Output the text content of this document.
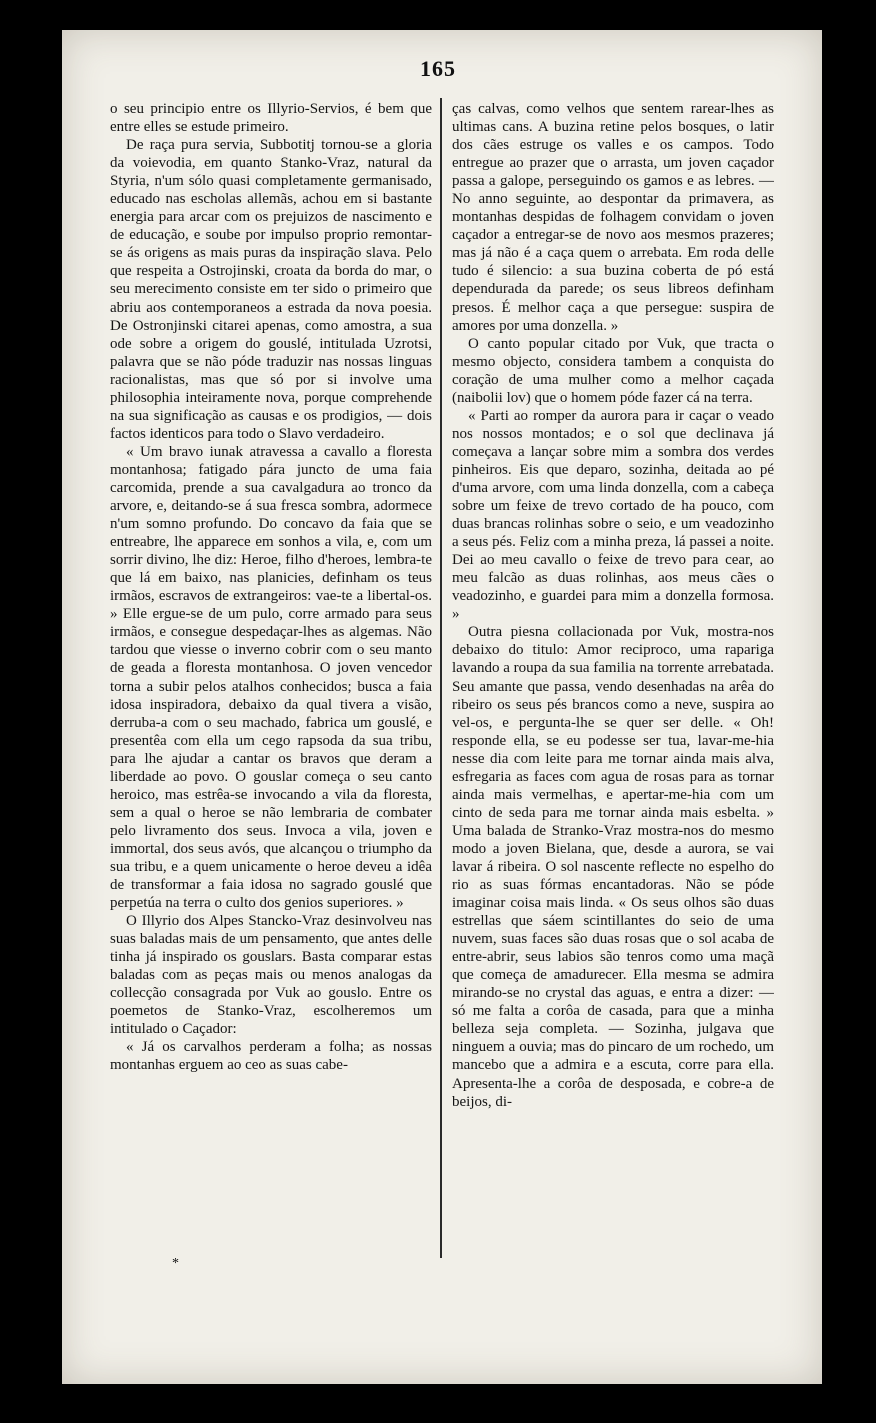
165

o seu principio entre os Illyrio-Servios, é bem que entre elles se estude primeiro.

De raça pura servia, Subbotitj tornou-se a gloria da voievodia, em quanto Stanko-Vraz, natural da Styria, n'um sólo quasi completamente germanisado, educado nas escholas allemãs, achou em si bastante energia para arcar com os prejuizos de nascimento e de educação, e soube por impulso proprio remontar-se ás origens as mais puras da inspiração slava. Pelo que respeita a Ostrojinski, croata da borda do mar, o seu merecimento consiste em ter sido o primeiro que abriu aos contemporaneos a estrada da nova poesia. De Ostronjinski citarei apenas, como amostra, a sua ode sobre a origem do gouslé, intitulada Uzrotsi, palavra que se não póde traduzir nas nossas linguas racionalistas, mas que só por si involve uma philosophia inteiramente nova, porque comprehende na sua significação as causas e os prodigios, — dois factos identicos para todo o Slavo verdadeiro.

« Um bravo iunak atravessa a cavallo a floresta montanhosa; fatigado pára juncto de uma faia carcomida, prende a sua cavalgadura ao tronco da arvore, e, deitando-se á sua fresca sombra, adormece n'um somno profundo. Do concavo da faia que se entreabre, lhe apparece em sonhos a vila, e, com um sorrir divino, lhe diz: Heroe, filho d'heroes, lembra-te que lá em baixo, nas planicies, definham os teus irmãos, escravos de extrangeiros: vae-te a libertal-os. » Elle ergue-se de um pulo, corre armado para seus irmãos, e consegue despedaçar-lhes as algemas. Não tardou que viesse o inverno cobrir com o seu manto de geada a floresta montanhosa. O joven vencedor torna a subir pelos atalhos conhecidos; busca a faia idosa inspiradora, debaixo da qual tivera a visão, derruba-a com o seu machado, fabrica um gouslé, e presentêa com ella um cego rapsoda da sua tribu, para lhe ajudar a cantar os bravos que deram a liberdade ao povo. O gouslar começa o seu canto heroico, mas estrêa-se invocando a vila da floresta, sem a qual o heroe se não lembraria de combater pelo livramento dos seus. Invoca a vila, joven e immortal, dos seus avós, que alcançou o triumpho da sua tribu, e a quem unicamente o heroe deveu a idêa de transformar a faia idosa no sagrado gouslé que perpetúa na terra o culto dos genios superiores. »

O Illyrio dos Alpes Stancko-Vraz desinvolveu nas suas baladas mais de um pensamento, que antes delle tinha já inspirado os gouslars. Basta comparar estas baladas com as peças mais ou menos analogas da collecção consagrada por Vuk ao gouslo. Entre os poemetos de Stanko-Vraz, escolheremos um intitulado o Caçador:

« Já os carvalhos perderam a folha; as nossas montanhas erguem ao ceo as suas cabe-

ças calvas, como velhos que sentem rarear-lhes as ultimas cans. A buzina retine pelos bosques, o latir dos cães estruge os valles e os campos. Todo entregue ao prazer que o arrasta, um joven caçador passa a galope, perseguindo os gamos e as lebres. — No anno seguinte, ao despontar da primavera, as montanhas despidas de folhagem convidam o joven caçador a entregar-se de novo aos mesmos prazeres; mas já não é a caça quem o arrebata. Em roda delle tudo é silencio: a sua buzina coberta de pó está dependurada da parede; os seus libreos definham presos. É melhor caça a que persegue: suspira de amores por uma donzella. »

O canto popular citado por Vuk, que tracta o mesmo objecto, considera tambem a conquista do coração de uma mulher como a melhor caçada (naibolii lov) que o homem póde fazer cá na terra.

« Parti ao romper da aurora para ir caçar o veado nos nossos montados; e o sol que declinava já começava a lançar sobre mim a sombra dos verdes pinheiros. Eis que deparo, sozinha, deitada ao pé d'uma arvore, com uma linda donzella, com a cabeça sobre um feixe de trevo cortado de ha pouco, com duas brancas rolinhas sobre o seio, e um veadozinho a seus pés. Feliz com a minha preza, lá passei a noite. Dei ao meu cavallo o feixe de trevo para cear, ao meu falcão as duas rolinhas, aos meus cães o veadozinho, e guardei para mim a donzella formosa. »

Outra piesna collacionada por Vuk, mostra-nos debaixo do titulo: Amor reciproco, uma rapariga lavando a roupa da sua familia na torrente arrebatada. Seu amante que passa, vendo desenhadas na arêa do ribeiro os seus pés brancos como a neve, suspira ao vel-os, e pergunta-lhe se quer ser delle. « Oh! responde ella, se eu podesse ser tua, lavar-me-hia nesse dia com leite para me tornar ainda mais alva, esfregaria as faces com agua de rosas para as tornar ainda mais vermelhas, e apertar-me-hia com um cinto de seda para me tornar ainda mais esbelta. » Uma balada de Stranko-Vraz mostra-nos do mesmo modo a joven Bielana, que, desde a aurora, se vai lavar á ribeira. O sol nascente reflecte no espelho do rio as suas fórmas encantadoras. Não se póde imaginar coisa mais linda. « Os seus olhos são duas estrellas que sáem scintillantes do seio de uma nuvem, suas faces são duas rosas que o sol acaba de entre-abrir, seus labios são tenros como uma maçã que começa de amadurecer. Ella mesma se admira mirando-se no crystal das aguas, e entra a dizer: — só me falta a corôa de casada, para que a minha belleza seja completa. — Sozinha, julgava que ninguem a ouvia; mas do pincaro de um rochedo, um mancebo que a admira e a escuta, corre para ella. Apresenta-lhe a corôa de desposada, e cobre-a de beijos, di-

*
